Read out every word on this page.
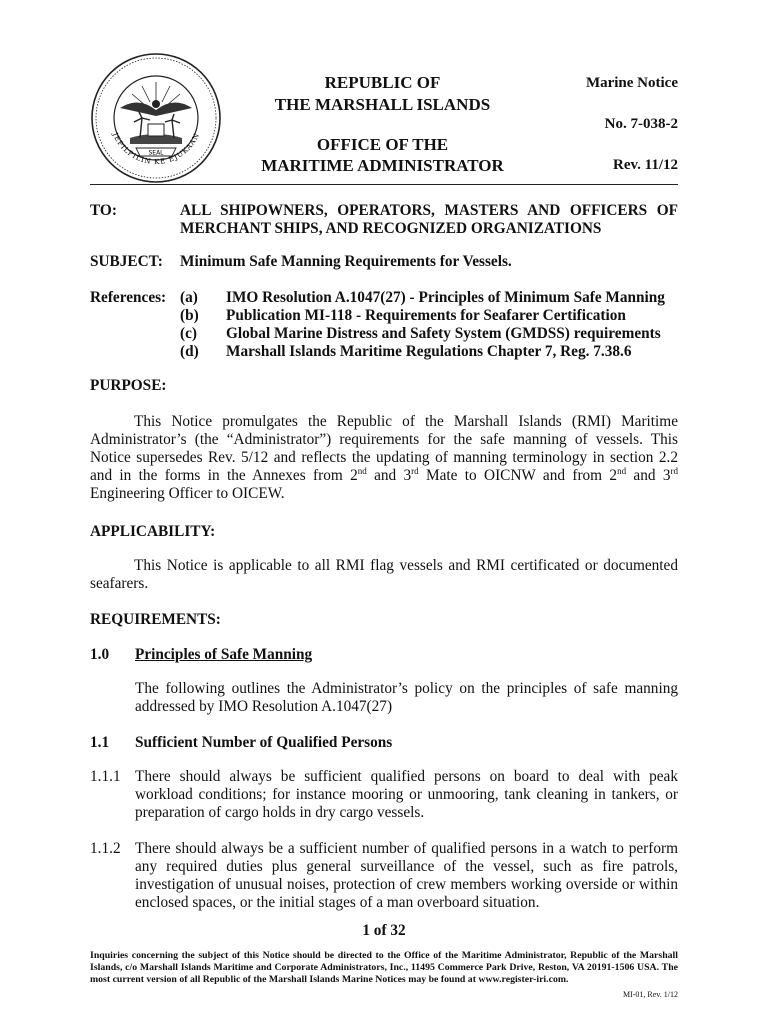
SEAL
JEPILPILIN KE EJUKAAN
REPUBLIC OF
THE MARSHALL ISLANDS
OFFICE OF THE
MARITIME ADMINISTRATOR
Marine Notice
No. 7-038-2
Rev. 11/12
TO:	ALL SHIPOWNERS, OPERATORS, MASTERS AND OFFICERS OF
MERCHANT SHIPS, AND RECOGNIZED ORGANIZATIONS
SUBJECT: Minimum Safe Manning Requirements for Vessels.
References: (a) IMO Resolution A.1047(27) - Principles of Minimum Safe Manning
(b) Publication MI-118 - Requirements for Seafarer Certification
(c) Global Marine Distress and Safety System (GMDSS) requirements
(d) Marshall Islands Maritime Regulations Chapter 7, Reg. 7.38.6
PURPOSE:
This Notice promulgates the Republic of the Marshall Islands (RMI) Maritime Administrator’s (the “Administrator”) requirements for the safe manning of vessels. This Notice supersedes Rev. 5/12 and reflects the updating of manning terminology in section 2.2 and in the forms in the Annexes from 2nd and 3rd Mate to OICNW and from 2nd and 3rd Engineering Officer to OICEW.
APPLICABILITY:
This Notice is applicable to all RMI flag vessels and RMI certificated or documented seafarers.
REQUIREMENTS:
1.0 Principles of Safe Manning
The following outlines the Administrator’s policy on the principles of safe manning addressed by IMO Resolution A.1047(27)
1.1 Sufficient Number of Qualified Persons
1.1.1 There should always be sufficient qualified persons on board to deal with peak workload conditions; for instance mooring or unmooring, tank cleaning in tankers, or preparation of cargo holds in dry cargo vessels.
1.1.2 There should always be a sufficient number of qualified persons in a watch to perform any required duties plus general surveillance of the vessel, such as fire patrols, investigation of unusual noises, protection of crew members working overside or within enclosed spaces, or the initial stages of a man overboard situation.
1 of 32
Inquiries concerning the subject of this Notice should be directed to the Office of the Maritime Administrator, Republic of the Marshall Islands, c/o Marshall Islands Maritime and Corporate Administrators, Inc., 11495 Commerce Park Drive, Reston, VA 20191-1506 USA. The most current version of all Republic of the Marshall Islands Marine Notices may be found at www.register-iri.com.
MI-01, Rev. 1/12
